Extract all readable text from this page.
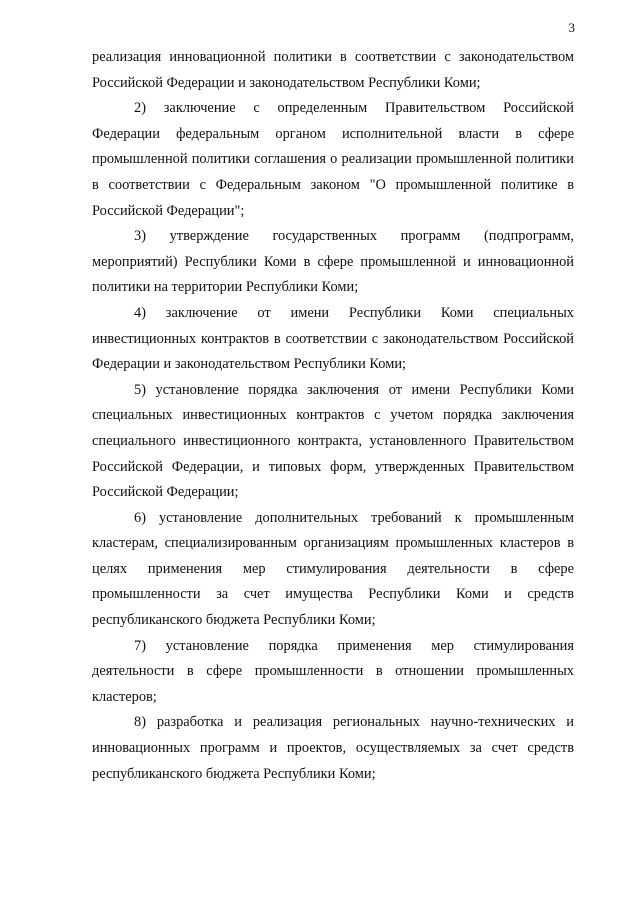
3

реализация инновационной политики в соответствии с законодательством Российской Федерации и законодательством Республики Коми;

2) заключение с определенным Правительством Российской Федерации федеральным органом исполнительной власти в сфере промышленной политики соглашения о реализации промышленной политики в соответствии с Федеральным законом "О промышленной политике в Российской Федерации";

3) утверждение государственных программ (подпрограмм, мероприятий) Республики Коми в сфере промышленной и инновационной политики на территории Республики Коми;

4) заключение от имени Республики Коми специальных инвестиционных контрактов в соответствии с законодательством Российской Федерации и законодательством Республики Коми;

5) установление порядка заключения от имени Республики Коми специальных инвестиционных контрактов с учетом порядка заключения специального инвестиционного контракта, установленного Правительством Российской Федерации, и типовых форм, утвержденных Правительством Российской Федерации;

6) установление дополнительных требований к промышленным кластерам, специализированным организациям промышленных кластеров в целях применения мер стимулирования деятельности в сфере промышленности за счет имущества Республики Коми и средств республиканского бюджета Республики Коми;

7) установление порядка применения мер стимулирования деятельности в сфере промышленности в отношении промышленных кластеров;

8) разработка и реализация региональных научно-технических и инновационных программ и проектов, осуществляемых за счет средств республиканского бюджета Республики Коми;
